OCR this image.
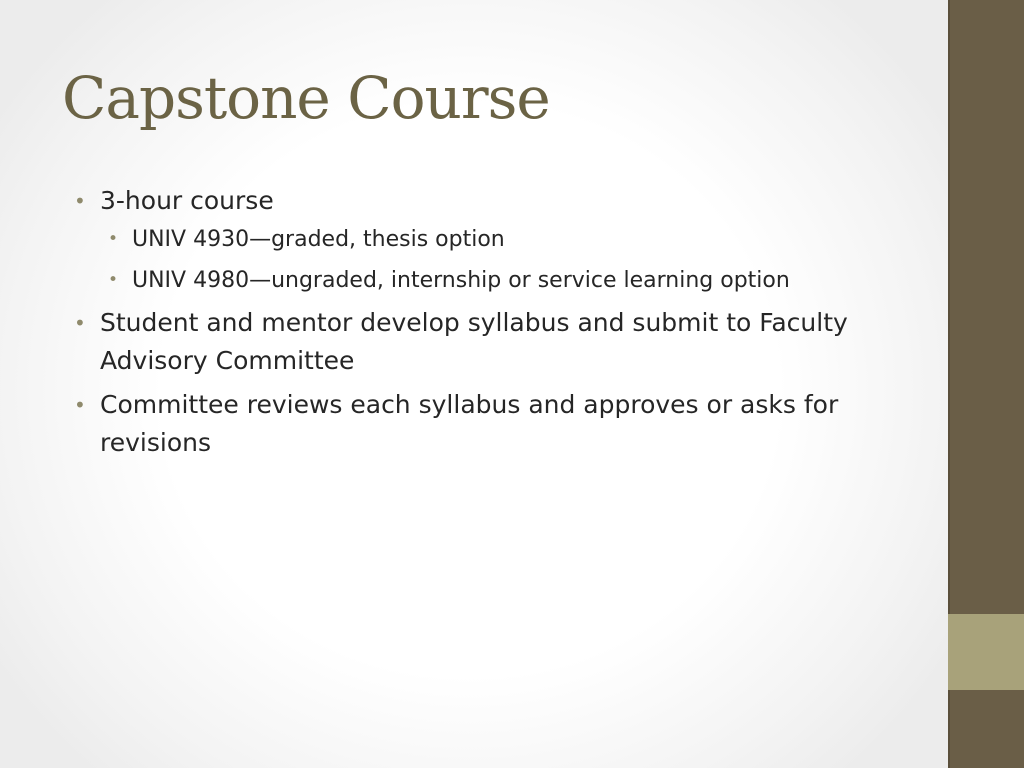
Capstone Course
• 3-hour course
• UNIV 4930—graded, thesis option
• UNIV 4980—ungraded, internship or service learning option
• Student and mentor develop syllabus and submit to Faculty Advisory Committee
• Committee reviews each syllabus and approves or asks for revisions
